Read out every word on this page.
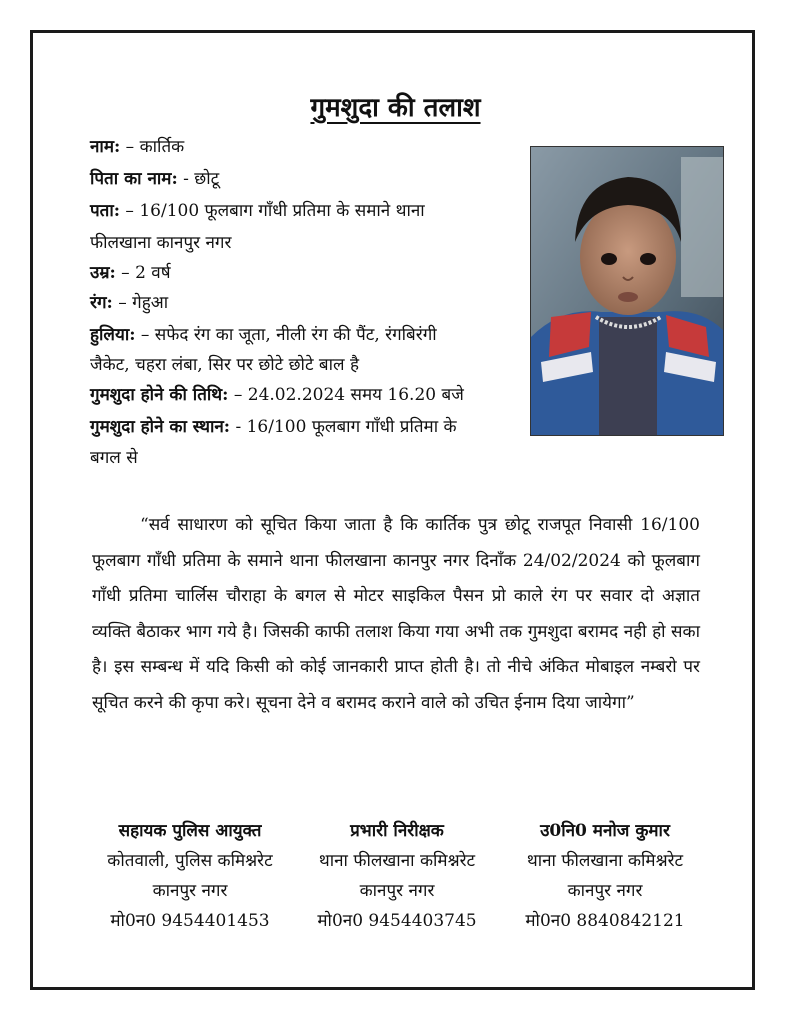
गुमशुदा की तलाश
नाम: – कार्तिक
पिता का नाम: - छोटू
पता: – 16/100 फूलबाग गाँधी प्रतिमा के समाने थाना
फीलखाना कानपुर नगर
उम्र: – 2 वर्ष
रंग: – गेहुआ
हुलिया: – सफेद रंग का जूता, नीली रंग की पैंट, रंगबिरंगी
जैकेट, चहरा लंबा, सिर पर छोटे छोटे बाल है
गुमशुदा होने की तिथि: – 24.02.2024 समय 16.20 बजे
गुमशुदा होने का स्थान: - 16/100 फूलबाग गाँधी प्रतिमा के
बगल से
“सर्व साधारण को सूचित किया जाता है कि कार्तिक पुत्र छोटू राजपूत निवासी 16/100 फूलबाग गाँधी प्रतिमा के समाने थाना फीलखाना कानपुर नगर दिनाँक 24/02/2024 को फूलबाग गाँधी प्रतिमा चार्लिस चौराहा के बगल से मोटर साइकिल पैसन प्रो काले रंग पर सवार दो अज्ञात व्यक्ति बैठाकर भाग गये है। जिसकी काफी तलाश किया गया अभी तक गुमशुदा बरामद नही हो सका है। इस सम्बन्ध में यदि किसी को कोई जानकारी प्राप्त होती है। तो नीचे अंकित मोबाइल नम्बरो पर सूचित करने की कृपा करे। सूचना देने व बरामद कराने वाले को उचित ईनाम दिया जायेगा”
सहायक पुलिस आयुक्त
कोतवाली, पुलिस कमिश्नरेट
कानपुर नगर
मो0न0 9454401453
प्रभारी निरीक्षक
थाना फीलखाना कमिश्नरेट
कानपुर नगर
मो0न0 9454403745
उ0नि0 मनोज कुमार
थाना फीलखाना कमिश्नरेट
कानपुर नगर
मो0न0 8840842121
